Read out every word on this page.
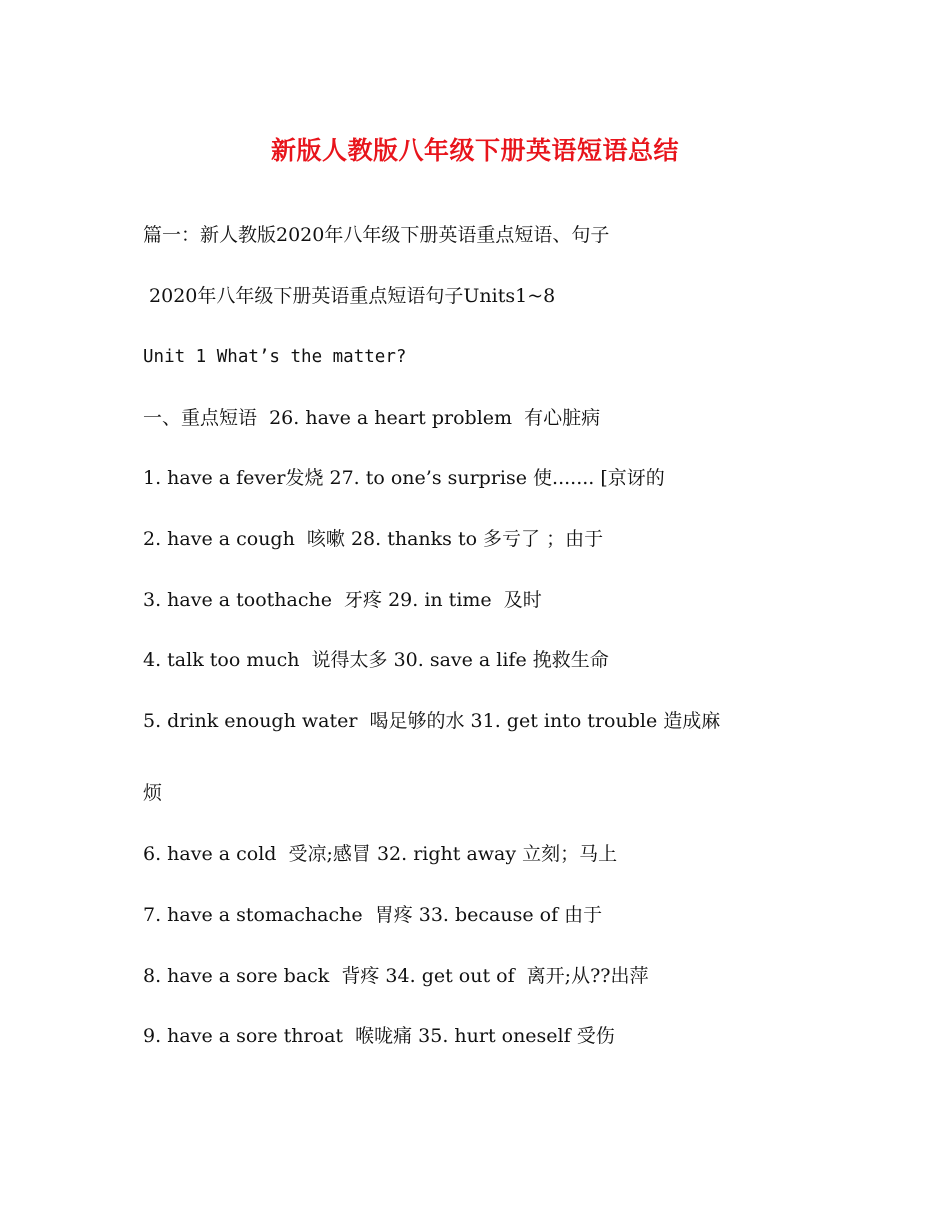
新版人教版八年级下册英语短语总结
篇一：新人教版2020年八年级下册英语重点短语、句子
2020年八年级下册英语重点短语句子Units1~8
Unit 1 What’s the matter?
一、重点短语  26. have a heart problem  有心脏病
1. have a fever发烧 27. to one’s surprise 使....... [京讶的
2. have a cough  咳嗽 28. thanks to 多亏了 ；由于
3. have a toothache  牙疼 29. in time  及时
4. talk too much  说得太多 30. save a life 挽救生命
5. drink enough water  喝足够的水 31. get into trouble 造成麻
烦
6. have a cold  受凉;感冒 32. right away 立刻；马上
7. have a stomachache  胃疼 33. because of 由于
8. have a sore back  背疼 34. get out of  离开;从??出萍
9. have a sore throat  喉咙痛 35. hurt oneself 受伤
